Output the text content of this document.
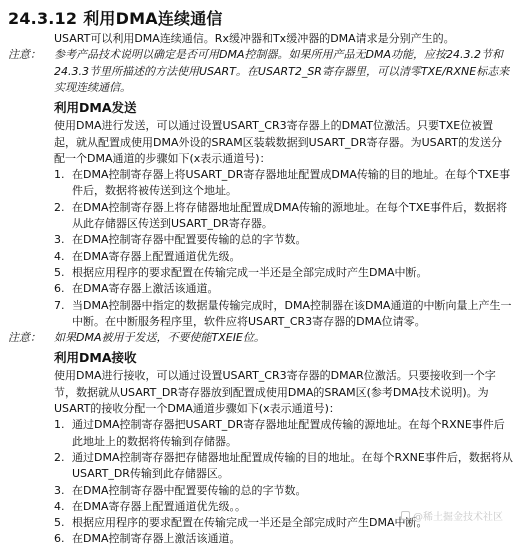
24.3.12 利用DMA连续通信
USART可以利用DMA连续通信。Rx缓冲器和Tx缓冲器的DMA请求是分别产生的。
注意： 参考产品技术说明以确定是否可用DMA控制器。如果所用产品无DMA功能，应按24.3.2节和
24.3.3节里所描述的方法使用USART。在USART2_SR寄存器里，可以清零TXE/RXNE标志来
实现连续通信。
利用DMA发送
使用DMA进行发送，可以通过设置USART_CR3寄存器上的DMAT位激活。只要TXE位被置
起，就从配置成使用DMA外设的SRAM区装载数据到USART_DR寄存器。为USART的发送分
配一个DMA通道的步骤如下(x表示通道号)：
1. 在DMA控制寄存器上将USART_DR寄存器地址配置成DMA传输的目的地址。在每个TXE事
件后，数据将被传送到这个地址。
2. 在DMA控制寄存器上将存储器地址配置成DMA传输的源地址。在每个TXE事件后，数据将
从此存储器区传送到USART_DR寄存器。
3. 在DMA控制寄存器中配置要传输的总的字节数。
4. 在DMA寄存器上配置通道优先级。
5. 根据应用程序的要求配置在传输完成一半还是全部完成时产生DMA中断。
6. 在DMA寄存器上激活该通道。
7. 当DMA控制器中指定的数据量传输完成时，DMA控制器在该DMA通道的中断向量上产生一
中断。在中断服务程序里，软件应将USART_CR3寄存器的DMA位请零。
注意： 如果DMA被用于发送，不要使能TXEIE位。
利用DMA接收
使用DMA进行接收，可以通过设置USART_CR3寄存器的DMAR位激活。只要接收到一个字
节，数据就从USART_DR寄存器放到配置成使用DMA的SRAM区(参考DMA技术说明)。为
USART的接收分配一个DMA通道步骤如下(x表示通道号)：
1. 通过DMA控制寄存器把USART_DR寄存器地址配置成传输的源地址。在每个RXNE事件后
此地址上的数据将传输到存储器。
2. 通过DMA控制寄存器把存储器地址配置成传输的目的地址。在每个RXNE事件后，数据将从
USART_DR传输到此存储器区。
3. 在DMA控制寄存器中配置要传输的总的字节数。
4. 在DMA寄存器上配置通道优先级。。
5. 根据应用程序的要求配置在传输完成一半还是全部完成时产生DMA中断。
6. 在DMA控制寄存器上激活该通道。
@稀土掘金技术社区
